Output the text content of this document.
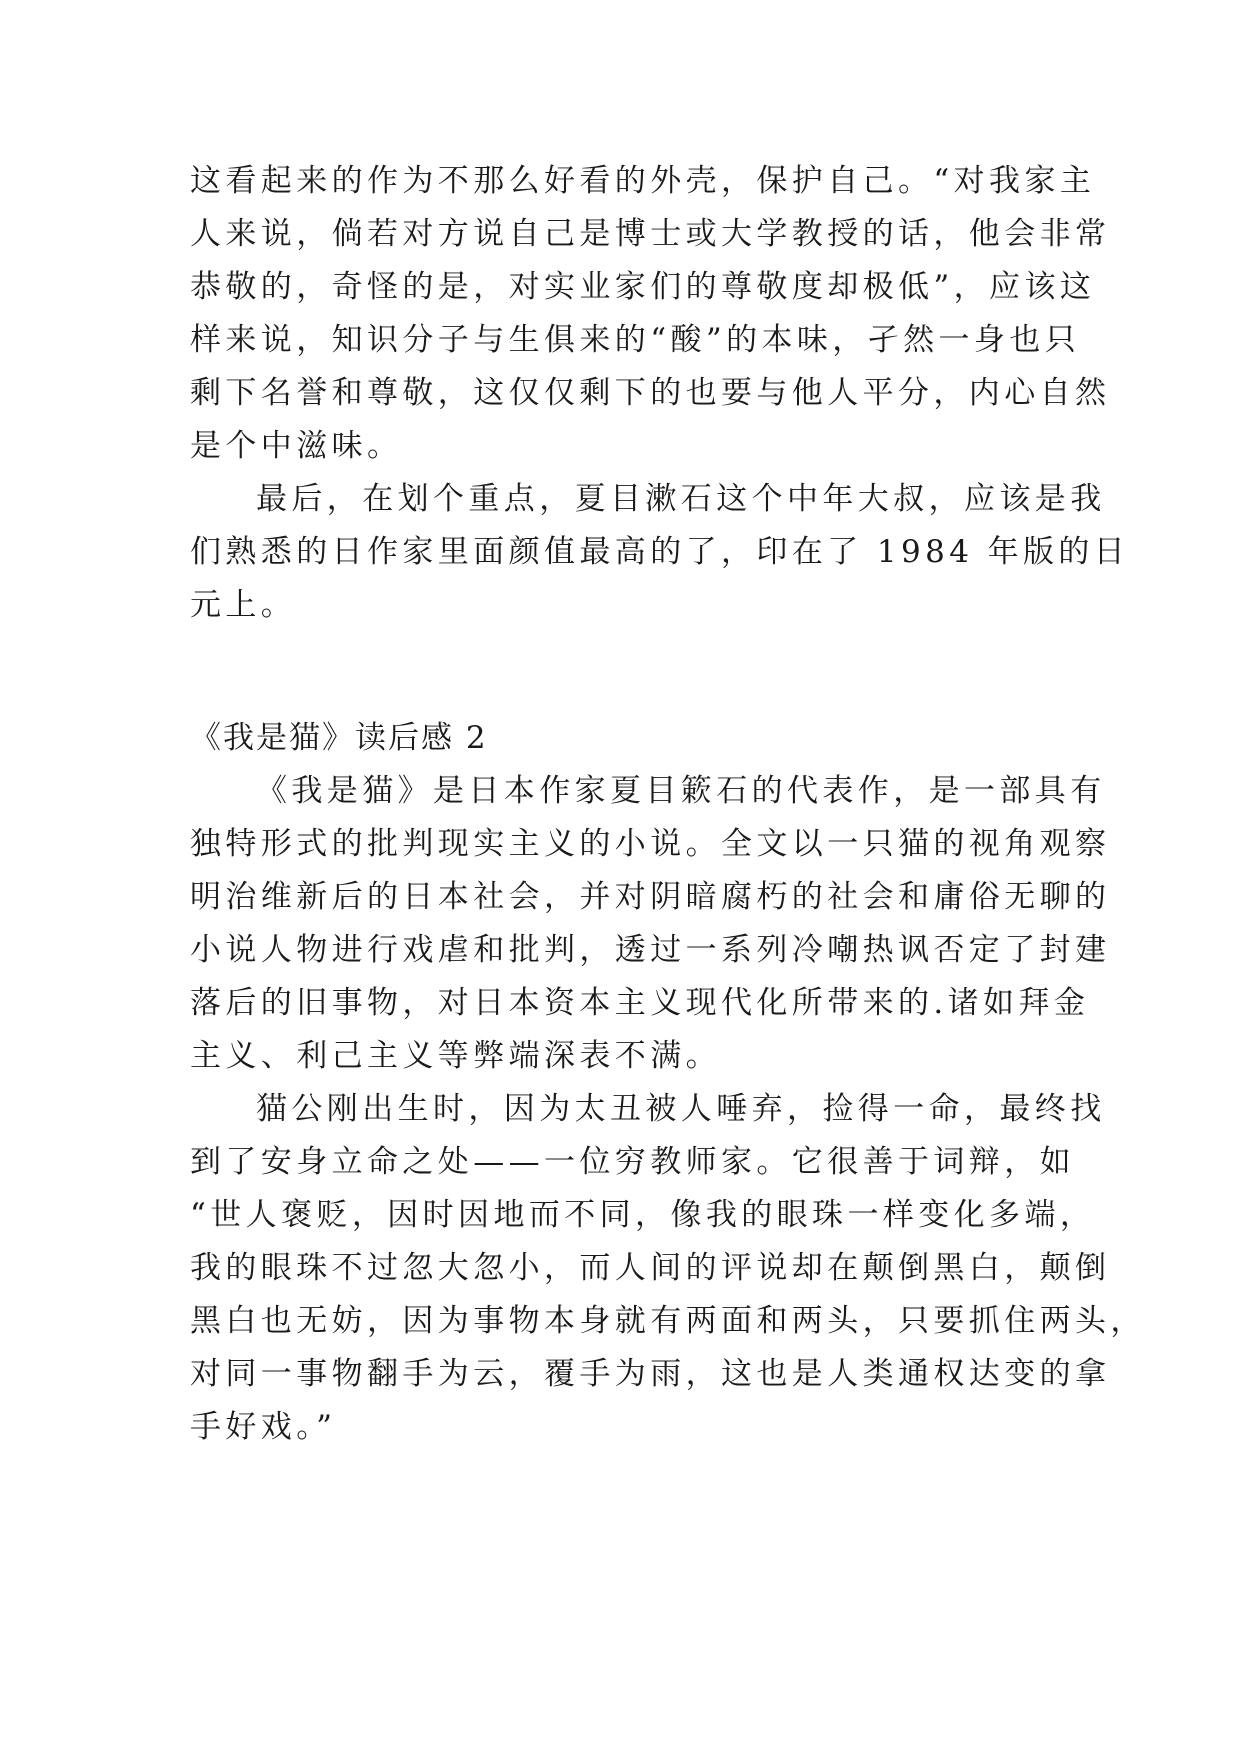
这看起来的作为不那么好看的外壳，保护自己。“对我家主
人来说，倘若对方说自己是博士或大学教授的话，他会非常
恭敬的，奇怪的是，对实业家们的尊敬度却极低”，应该这
样来说，知识分子与生俱来的“酸”的本味，孑然一身也只
剩下名誉和尊敬，这仅仅剩下的也要与他人平分，内心自然
是个中滋味。
最后，在划个重点，夏目漱石这个中年大叔，应该是我
们熟悉的日作家里面颜值最高的了，印在了 1984 年版的日
元上。
《我是猫》读后感 2
《我是猫》是日本作家夏目簌石的代表作，是一部具有
独特形式的批判现实主义的小说。全文以一只猫的视角观察
明治维新后的日本社会，并对阴暗腐朽的社会和庸俗无聊的
小说人物进行戏虐和批判，透过一系列冷嘲热讽否定了封建
落后的旧事物，对日本资本主义现代化所带来的.诸如拜金
主义、利己主义等弊端深表不满。
猫公刚出生时，因为太丑被人唾弃，捡得一命，最终找
到了安身立命之处——一位穷教师家。它很善于词辩，如
“世人褒贬，因时因地而不同，像我的眼珠一样变化多端，
我的眼珠不过忽大忽小，而人间的评说却在颠倒黑白，颠倒
黑白也无妨，因为事物本身就有两面和两头，只要抓住两头，
对同一事物翻手为云，覆手为雨，这也是人类通权达变的拿
手好戏。”
